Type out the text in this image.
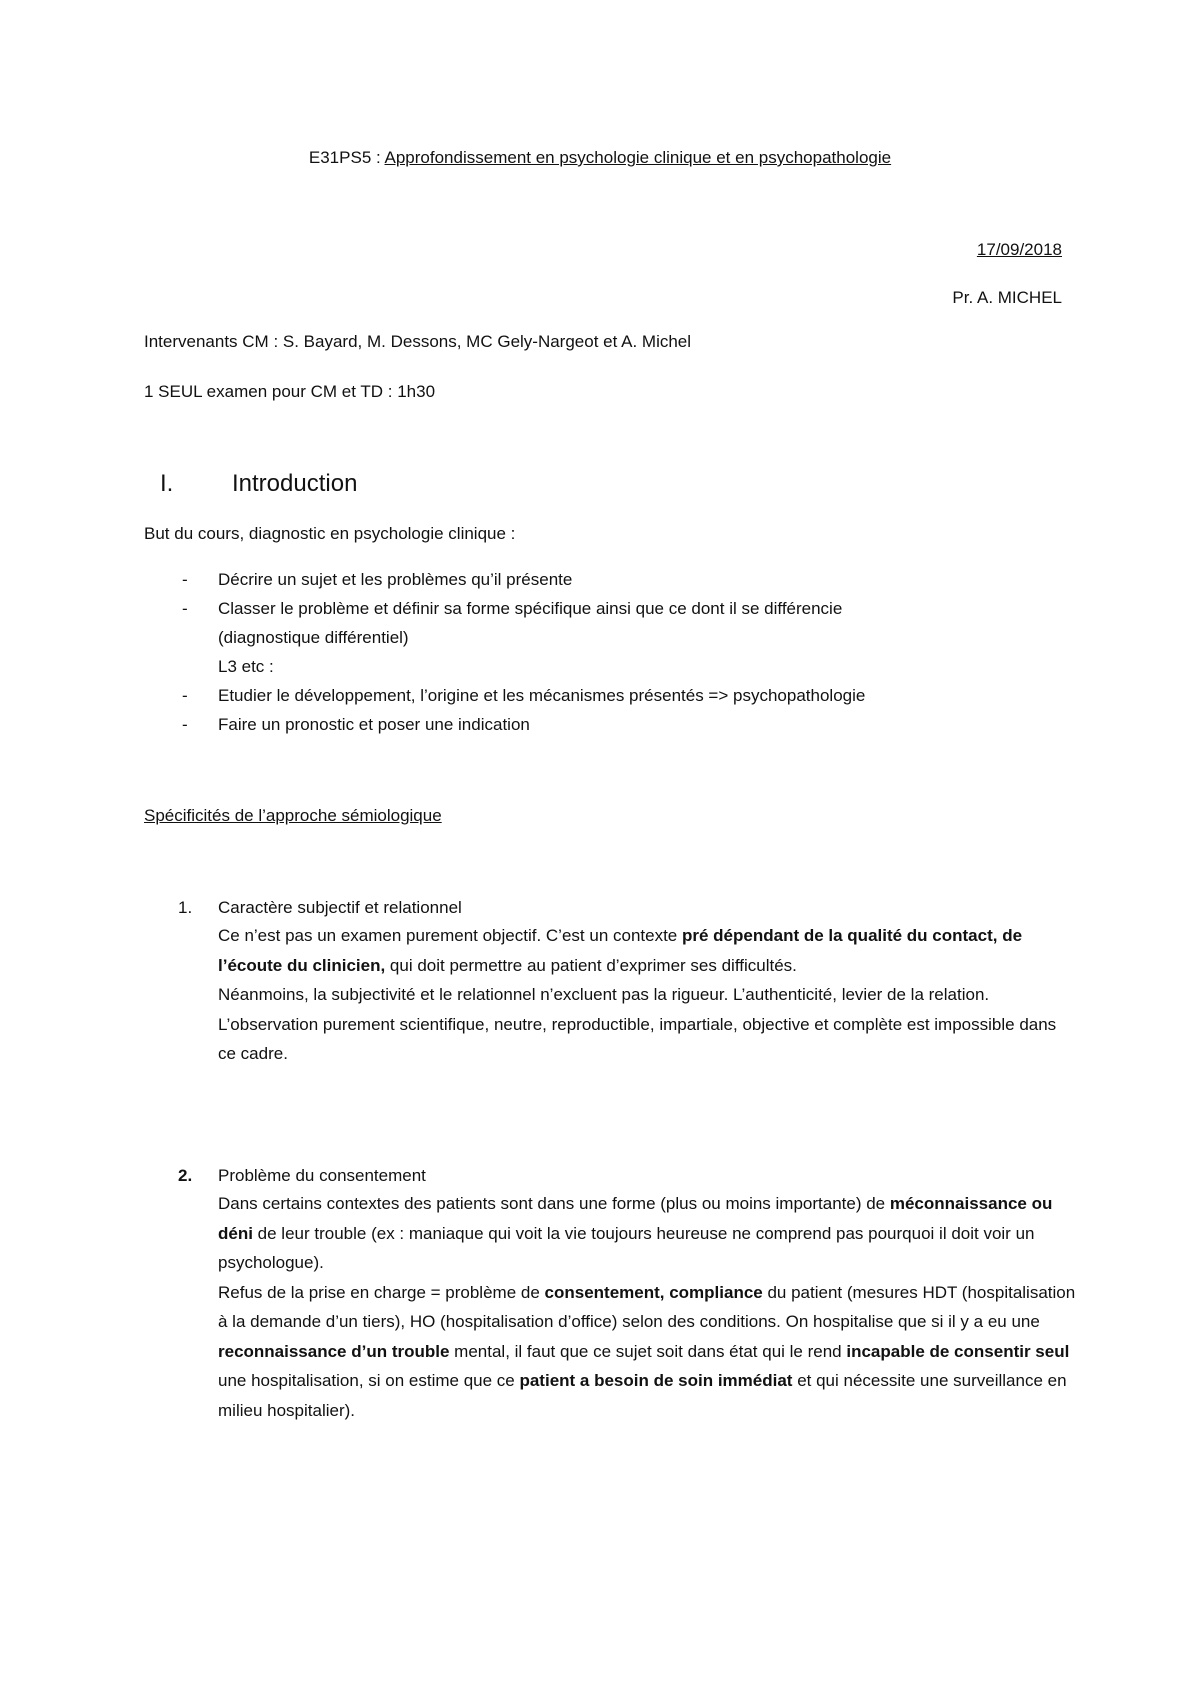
E31PS5 : Approfondissement en psychologie clinique et en psychopathologie
17/09/2018
Pr. A. MICHEL
Intervenants CM : S. Bayard, M. Dessons, MC Gely-Nargeot et A. Michel
1 SEUL examen pour CM et TD : 1h30
I. Introduction
But du cours, diagnostic en psychologie clinique :
- Décrire un sujet et les problèmes qu’il présente
- Classer le problème et définir sa forme spécifique ainsi que ce dont il se différencie
(diagnostique différentiel)
L3 etc :
- Etudier le développement, l’origine et les mécanismes présentés => psychopathologie
- Faire un pronostic et poser une indication
Spécificités de l’approche sémiologique
1. Caractère subjectif et relationnel
Ce n’est pas un examen purement objectif. C’est un contexte pré dépendant de la qualité du contact, de l’écoute du clinicien, qui doit permettre au patient d’exprimer ses difficultés.
Néanmoins, la subjectivité et le relationnel n’excluent pas la rigueur. L’authenticité, levier de la relation.
L’observation purement scientifique, neutre, reproductible, impartiale, objective et complète est impossible dans ce cadre.
2. Problème du consentement
Dans certains contextes des patients sont dans une forme (plus ou moins importante) de méconnaissance ou déni de leur trouble (ex : maniaque qui voit la vie toujours heureuse ne comprend pas pourquoi il doit voir un psychologue).
Refus de la prise en charge = problème de consentement, compliance du patient (mesures HDT (hospitalisation à la demande d’un tiers), HO (hospitalisation d’office) selon des conditions. On hospitalise que si il y a eu une reconnaissance d’un trouble mental, il faut que ce sujet soit dans état qui le rend incapable de consentir seul une hospitalisation, si on estime que ce patient a besoin de soin immédiat et qui nécessite une surveillance en milieu hospitalier).
